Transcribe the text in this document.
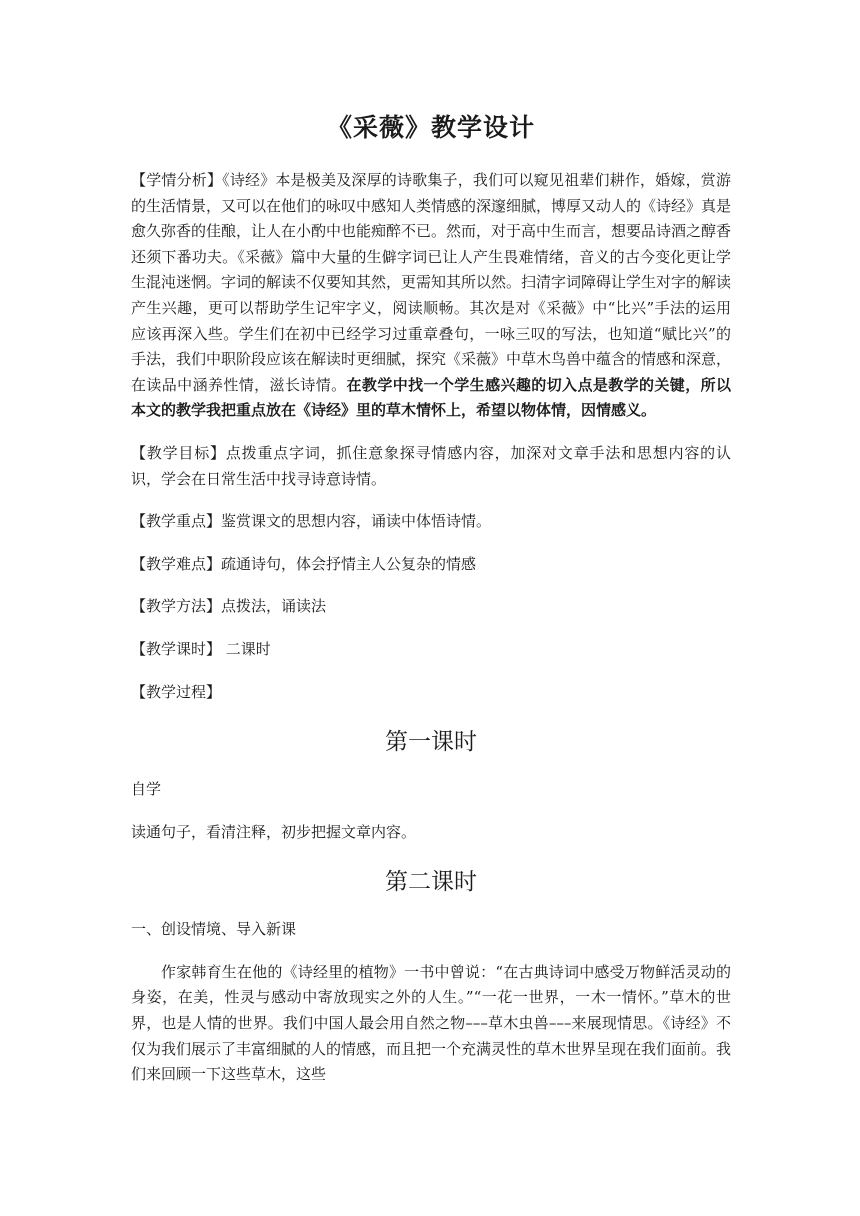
《采薇》教学设计

【学情分析】《诗经》本是极美及深厚的诗歌集子，我们可以窥见祖辈们耕作，婚嫁，赏游的生活情景，又可以在他们的咏叹中感知人类情感的深邃细腻，博厚又动人的《诗经》真是愈久弥香的佳酿，让人在小酌中也能痴醉不已。然而，对于高中生而言，想要品诗酒之醇香还须下番功夫。《采薇》篇中大量的生僻字词已让人产生畏难情绪，音义的古今变化更让学生混沌迷惘。字词的解读不仅要知其然，更需知其所以然。扫清字词障碍让学生对字的解读产生兴趣，更可以帮助学生记牢字义，阅读顺畅。其次是对《采薇》中“比兴”手法的运用应该再深入些。学生们在初中已经学习过重章叠句，一咏三叹的写法，也知道“赋比兴”的手法，我们中职阶段应该在解读时更细腻，探究《采薇》中草木鸟兽中蕴含的情感和深意，在读品中涵养性情，滋长诗情。在教学中找一个学生感兴趣的切入点是教学的关键，所以本文的教学我把重点放在《诗经》里的草木情怀上，希望以物体情，因情感义。

【教学目标】点拨重点字词，抓住意象探寻情感内容，加深对文章手法和思想内容的认识，学会在日常生活中找寻诗意诗情。

【教学重点】鉴赏课文的思想内容，诵读中体悟诗情。

【教学难点】疏通诗句，体会抒情主人公复杂的情感

【教学方法】点拨法，诵读法

【教学课时】 二课时

【教学过程】

第一课时

自学

读通句子，看清注释，初步把握文章内容。

第二课时

一、创设情境、导入新课

作家韩育生在他的《诗经里的植物》一书中曾说：“在古典诗词中感受万物鲜活灵动的身姿，在美，性灵与感动中寄放现实之外的人生。”“一花一世界，一木一情怀。”草木的世界，也是人情的世界。我们中国人最会用自然之物–––草木虫兽–––来展现情思。《诗经》不仅为我们展示了丰富细腻的人的情感，而且把一个充满灵性的草木世界呈现在我们面前。我们来回顾一下这些草木，这些
